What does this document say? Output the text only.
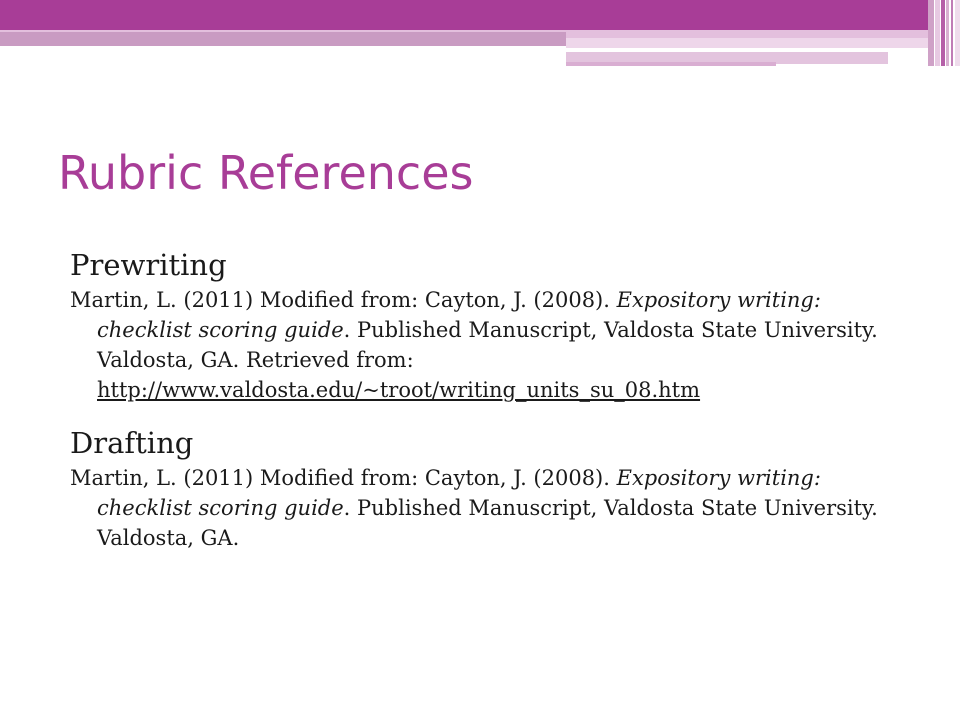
Rubric References
Prewriting

Martin, L. (2011) Modified from: Cayton, J. (2008). Expository writing: checklist scoring guide. Published Manuscript, Valdosta State University. Valdosta, GA. Retrieved from: http://www.valdosta.edu/~troot/writing_units_su_08.htm

Drafting

Martin, L. (2011) Modified from: Cayton, J. (2008). Expository writing: checklist scoring guide. Published Manuscript, Valdosta State University. Valdosta, GA.
